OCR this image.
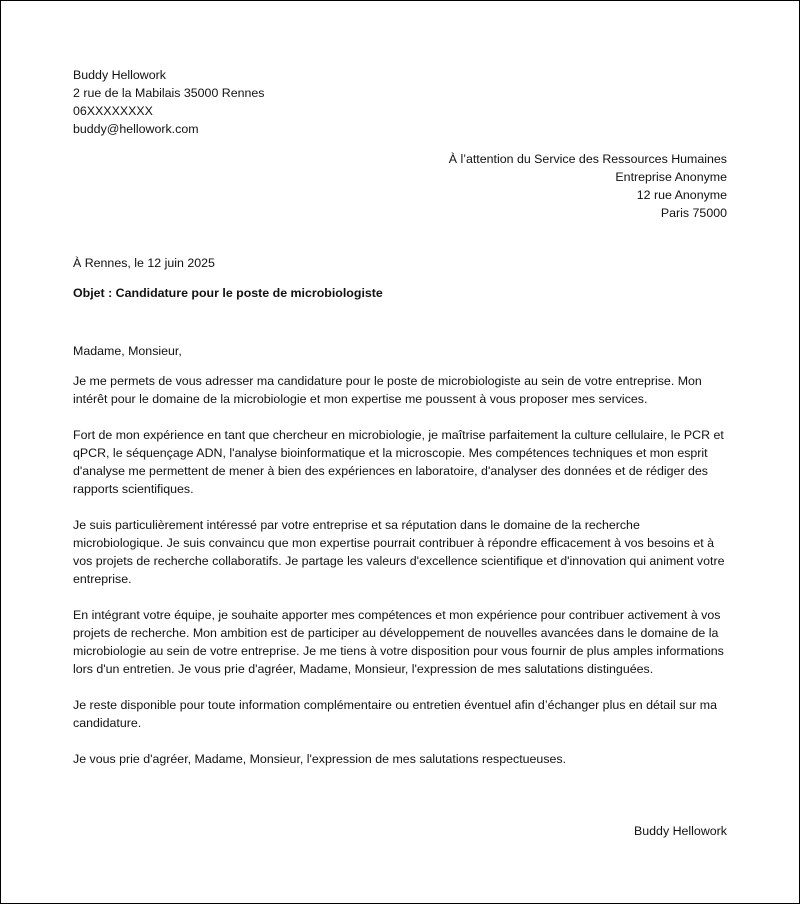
Buddy Hellowork
2 rue de la Mabilais 35000 Rennes
06XXXXXXXX
buddy@hellowork.com
À l’attention du Service des Ressources Humaines
Entreprise Anonyme
12 rue Anonyme
Paris 75000
À Rennes, le 12 juin 2025
Objet : Candidature pour le poste de microbiologiste

Madame, Monsieur,

Je me permets de vous adresser ma candidature pour le poste de microbiologiste au sein de votre entreprise. Mon intérêt pour le domaine de la microbiologie et mon expertise me poussent à vous proposer mes services.

Fort de mon expérience en tant que chercheur en microbiologie, je maîtrise parfaitement la culture cellulaire, le PCR et qPCR, le séquençage ADN, l'analyse bioinformatique et la microscopie. Mes compétences techniques et mon esprit d'analyse me permettent de mener à bien des expériences en laboratoire, d'analyser des données et de rédiger des rapports scientifiques.

Je suis particulièrement intéressé par votre entreprise et sa réputation dans le domaine de la recherche microbiologique. Je suis convaincu que mon expertise pourrait contribuer à répondre efficacement à vos besoins et à vos projets de recherche collaboratifs. Je partage les valeurs d'excellence scientifique et d'innovation qui animent votre entreprise.

En intégrant votre équipe, je souhaite apporter mes compétences et mon expérience pour contribuer activement à vos projets de recherche. Mon ambition est de participer au développement de nouvelles avancées dans le domaine de la microbiologie au sein de votre entreprise. Je me tiens à votre disposition pour vous fournir de plus amples informations lors d'un entretien. Je vous prie d'agréer, Madame, Monsieur, l'expression de mes salutations distinguées.

Je reste disponible pour toute information complémentaire ou entretien éventuel afin d’échanger plus en détail sur ma candidature.

Je vous prie d'agréer, Madame, Monsieur, l'expression de mes salutations respectueuses.

Buddy Hellowork
